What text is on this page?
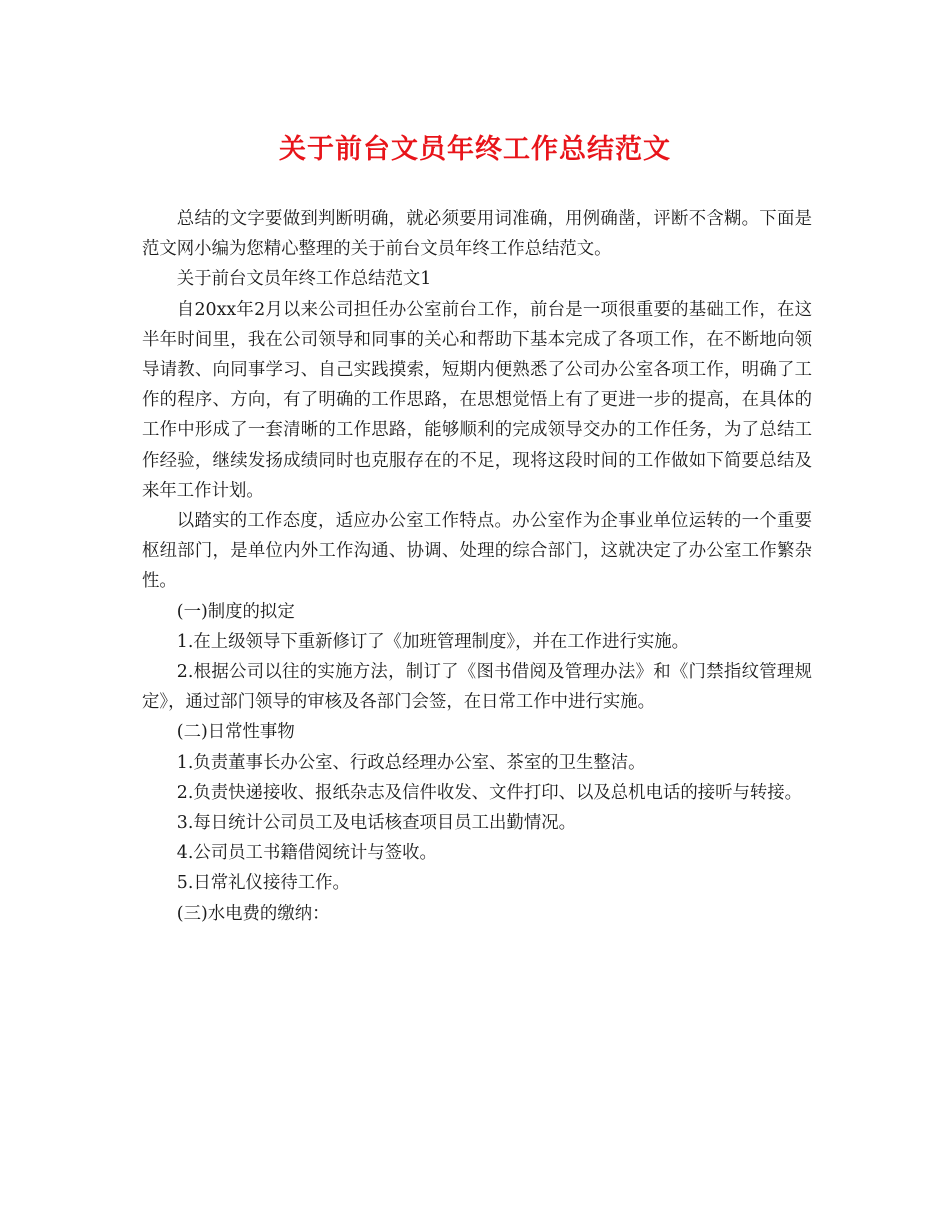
关于前台文员年终工作总结范文

总结的文字要做到判断明确，就必须要用词准确，用例确凿，评断不含糊。下面是范文网小编为您精心整理的关于前台文员年终工作总结范文。

关于前台文员年终工作总结范文1

自20xx年2月以来公司担任办公室前台工作，前台是一项很重要的基础工作，在这半年时间里，我在公司领导和同事的关心和帮助下基本完成了各项工作，在不断地向领导请教、向同事学习、自己实践摸索，短期内便熟悉了公司办公室各项工作，明确了工作的程序、方向，有了明确的工作思路，在思想觉悟上有了更进一步的提高，在具体的工作中形成了一套清晰的工作思路，能够顺利的完成领导交办的工作任务，为了总结工作经验，继续发扬成绩同时也克服存在的不足，现将这段时间的工作做如下简要总结及来年工作计划。

以踏实的工作态度，适应办公室工作特点。办公室作为企事业单位运转的一个重要枢纽部门，是单位内外工作沟通、协调、处理的综合部门，这就决定了办公室工作繁杂性。

(一)制度的拟定

1.在上级领导下重新修订了《加班管理制度》，并在工作进行实施。

2.根据公司以往的实施方法，制订了《图书借阅及管理办法》和《门禁指纹管理规定》，通过部门领导的审核及各部门会签，在日常工作中进行实施。

(二)日常性事物

1.负责董事长办公室、行政总经理办公室、茶室的卫生整洁。

2.负责快递接收、报纸杂志及信件收发、文件打印、以及总机电话的接听与转接。

3.每日统计公司员工及电话核查项目员工出勤情况。

4.公司员工书籍借阅统计与签收。

5.日常礼仪接待工作。

(三)水电费的缴纳：
